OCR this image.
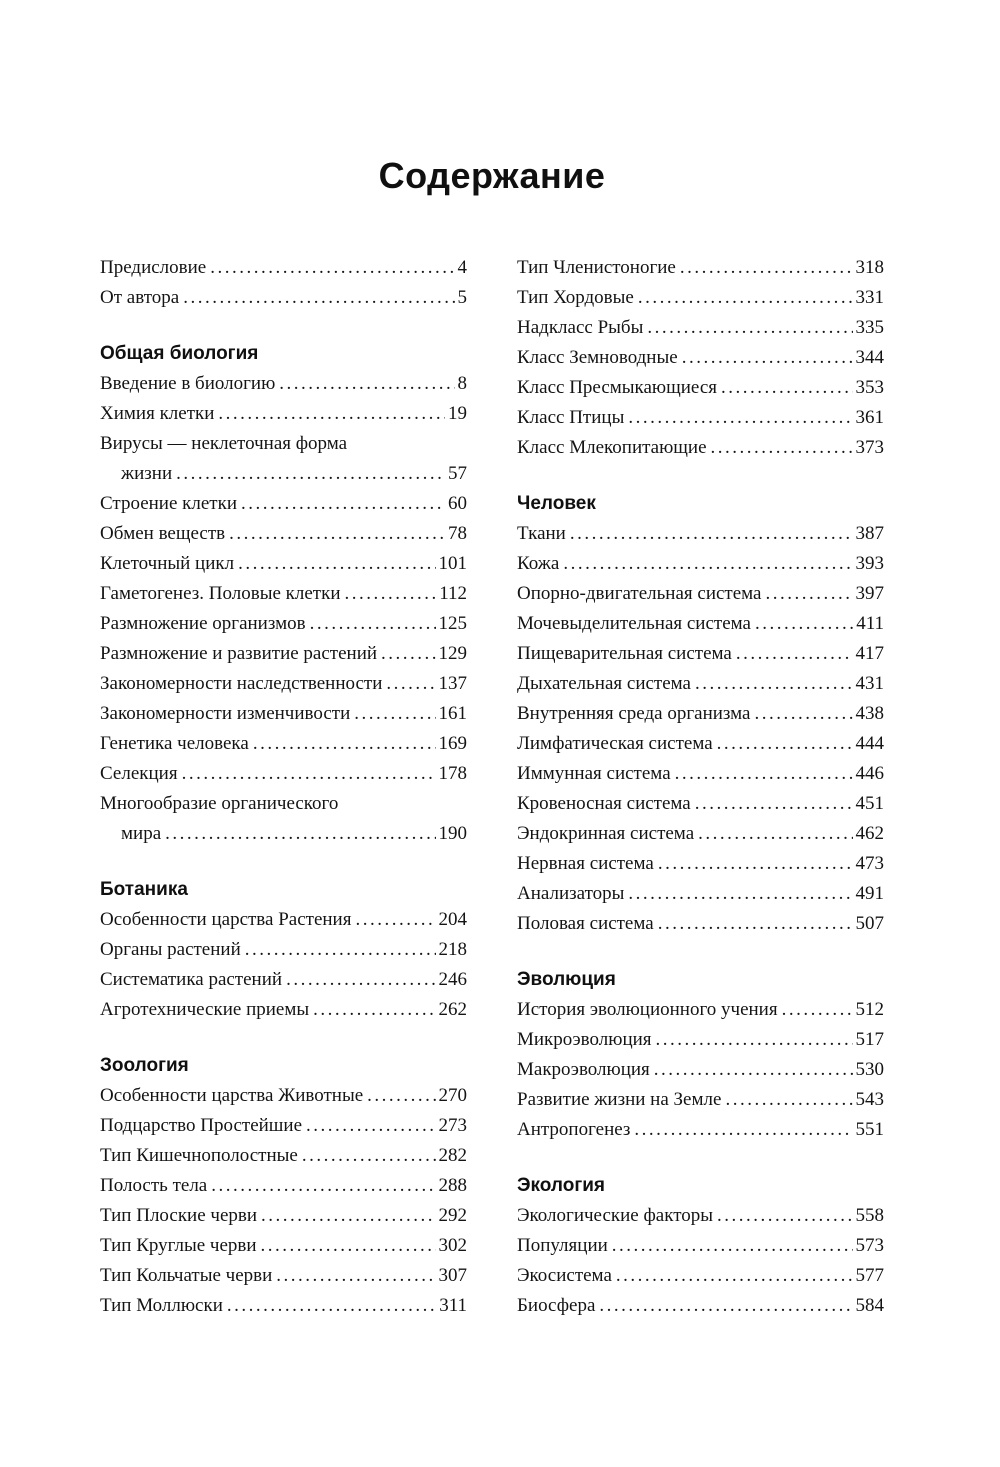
Содержание
Предисловие .....	4
От автора .....	5
Общая биология
Введение в биологию .....	8
Химия клетки .....	19
Вирусы — неклеточная форма
жизни .....	57
Строение клетки .....	60
Обмен веществ .....	78
Клеточный цикл .....	101
Гаметогенез. Половые клетки .....	112
Размножение организмов .....	125
Размножение и развитие растений .....	129
Закономерности наследственности .....	137
Закономерности изменчивости .....	161
Генетика человека .....	169
Селекция .....	178
Многообразие органического
мира .....	190
Ботаника
Особенности царства Растения .....	204
Органы растений .....	218
Систематика растений .....	246
Агротехнические приемы .....	262
Зоология
Особенности царства Животные .....	270
Подцарство Простейшие .....	273
Тип Кишечнополостные .....	282
Полость тела .....	288
Тип Плоские черви .....	292
Тип Круглые черви .....	302
Тип Кольчатые черви .....	307
Тип Моллюски .....	311
Тип Членистоногие .....	318
Тип Хордовые .....	331
Надкласс Рыбы .....	335
Класс Земноводные .....	344
Класс Пресмыкающиеся .....	353
Класс Птицы .....	361
Класс Млекопитающие .....	373
Человек
Ткани .....	387
Кожа .....	393
Опорно-двигательная система .....	397
Мочевыделительная система .....	411
Пищеварительная система .....	417
Дыхательная система .....	431
Внутренняя среда организма .....	438
Лимфатическая система .....	444
Иммунная система .....	446
Кровеносная система .....	451
Эндокринная система .....	462
Нервная система .....	473
Анализаторы .....	491
Половая система .....	507
Эволюция
История эволюционного учения .....	512
Микроэволюция .....	517
Макроэволюция .....	530
Развитие жизни на Земле .....	543
Антропогенез .....	551
Экология
Экологические факторы .....	558
Популяции .....	573
Экосистема .....	577
Биосфера .....	584
